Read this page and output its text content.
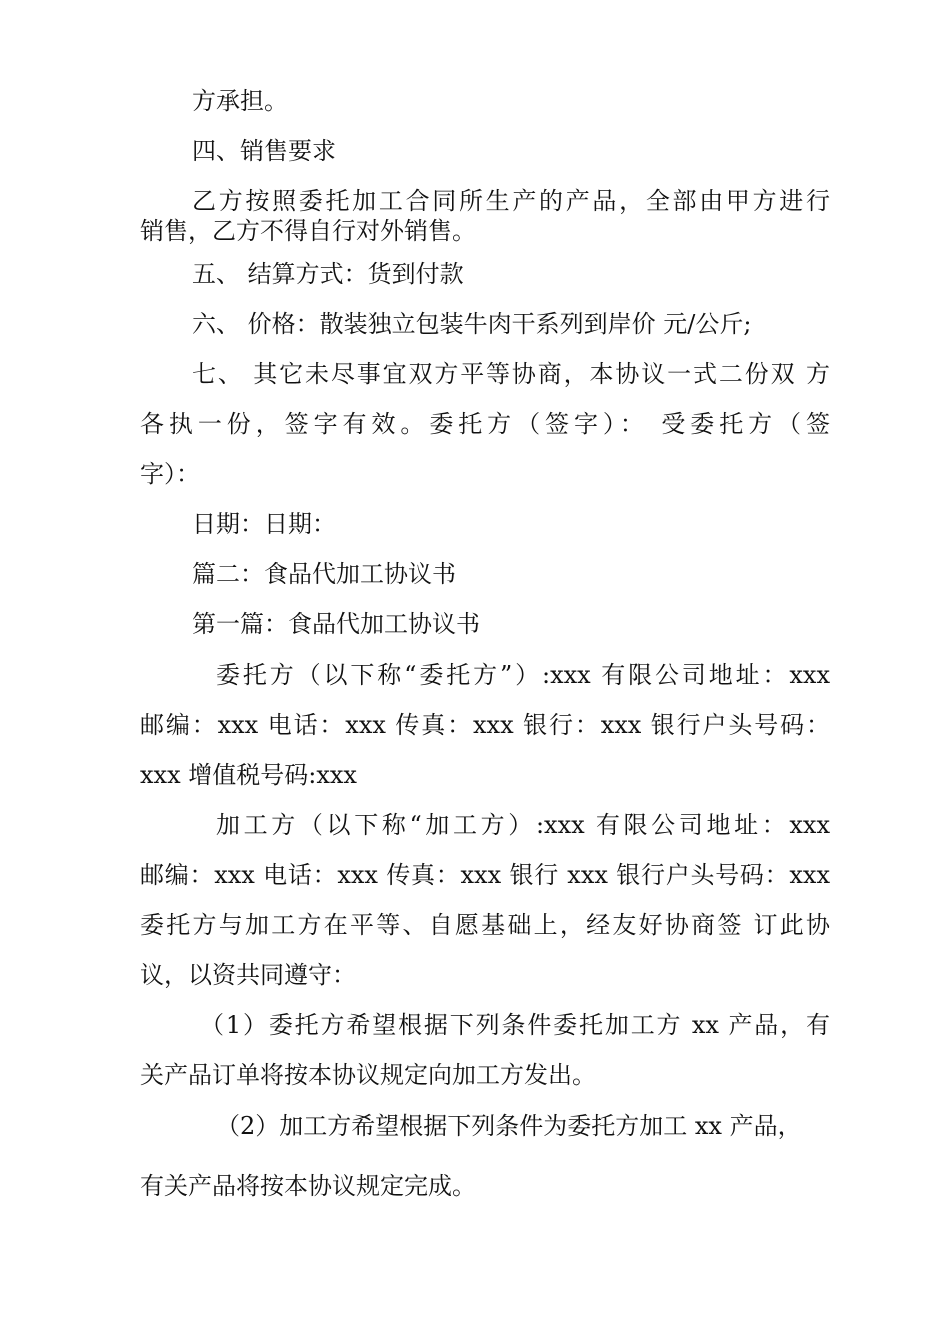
方承担。
四、销售要求
乙方按照委托加工合同所生产的产品，全部由甲方进行
销售，乙方不得自行对外销售。
五、 结算方式：货到付款
六、 价格：散装独立包装牛肉干系列到岸价 元/公斤;
七、 其它未尽事宜双方平等协商，本协议一式二份双 方
各执一份，签字有效。委托方（签字）： 受委托方（签
字）：
日期：日期：
篇二：食品代加工协议书
第一篇：食品代加工协议书
委托方（以下称“委托方”）:xxx 有限公司地址：xxx
邮编：xxx 电话：xxx 传真：xxx 银行：xxx 银行户头号码：
xxx 增值税号码:xxx
加工方（以下称“加工方）:xxx 有限公司地址：xxx
邮编：xxx 电话：xxx 传真：xxx 银行 xxx 银行户头号码：xxx
委托方与加工方在平等、自愿基础上，经友好协商签 订此协
议，以资共同遵守：
（1）委托方希望根据下列条件委托加工方 xx 产品，有
关产品订单将按本协议规定向加工方发出。
（2）加工方希望根据下列条件为委托方加工 xx 产品，
有关产品将按本协议规定完成。
